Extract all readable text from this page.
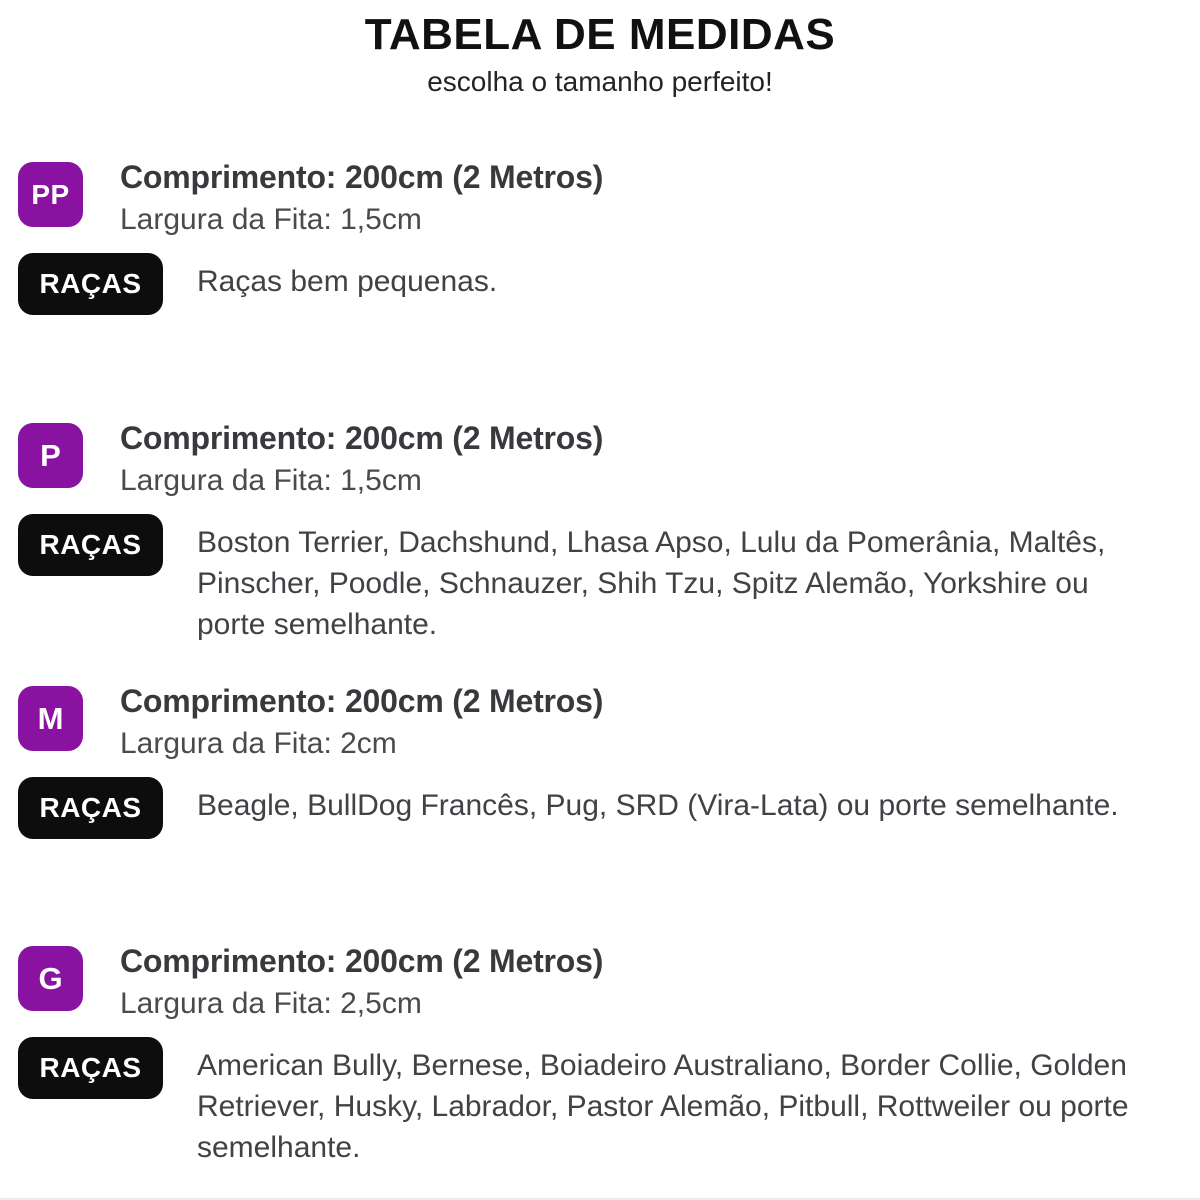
TABELA DE MEDIDAS

escolha o tamanho perfeito!

PP	Comprimento: 200cm (2 Metros)
Largura da Fita: 1,5cm
RAÇAS	Raças bem pequenas.
P	Comprimento: 200cm (2 Metros)
Largura da Fita: 1,5cm
RAÇAS	Boston Terrier, Dachshund, Lhasa Apso, Lulu da Pomerânia, Maltês, Pinscher, Poodle, Schnauzer, Shih Tzu, Spitz Alemão, Yorkshire ou porte semelhante.
M	Comprimento: 200cm (2 Metros)
Largura da Fita: 2cm
RAÇAS	Beagle, BullDog Francês, Pug, SRD (Vira-Lata) ou porte semelhante.
G	Comprimento: 200cm (2 Metros)
Largura da Fita: 2,5cm
RAÇAS	American Bully, Bernese, Boiadeiro Australiano, Border Collie, Golden Retriever, Husky, Labrador, Pastor Alemão, Pitbull, Rottweiler ou porte semelhante.
